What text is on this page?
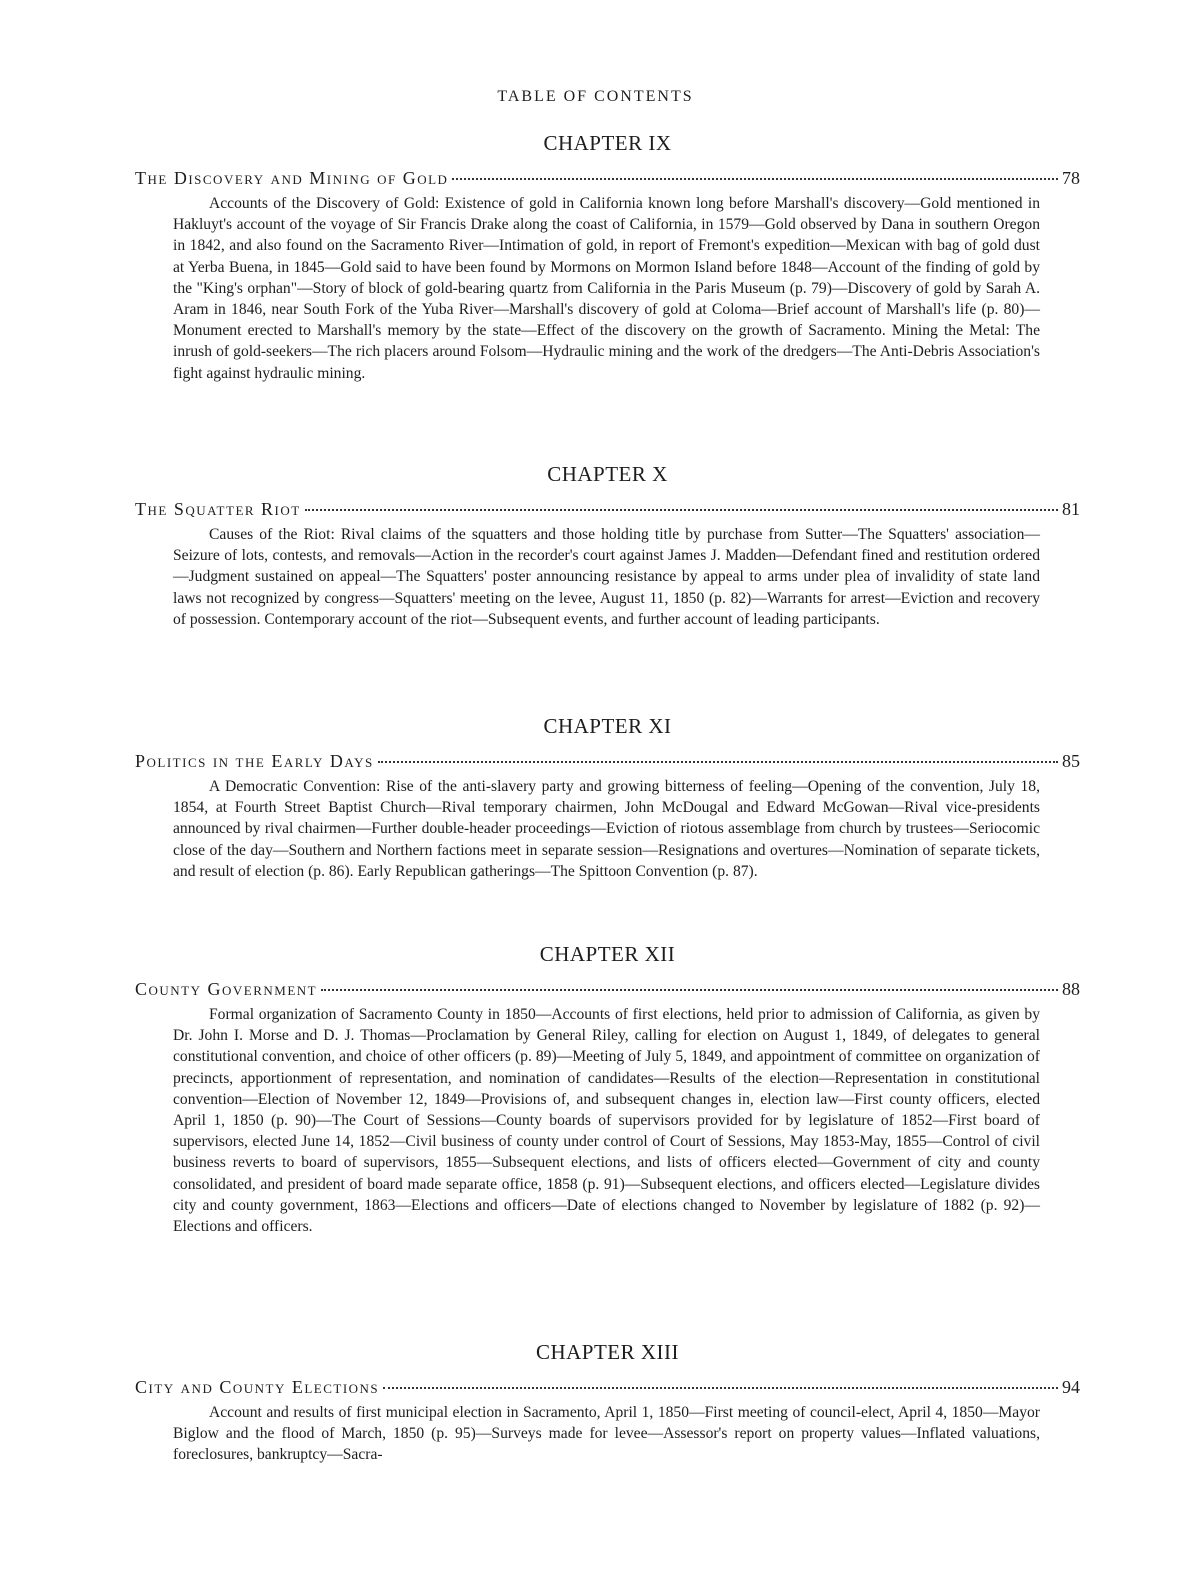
TABLE OF CONTENTS
CHAPTER IX
The Discovery and Mining of Gold	78

Accounts of the Discovery of Gold: Existence of gold in California known long before Marshall's discovery—Gold mentioned in Hakluyt's account of the voyage of Sir Francis Drake along the coast of California, in 1579—Gold observed by Dana in southern Oregon in 1842, and also found on the Sacramento River—Intimation of gold, in report of Fremont's expedition—Mexican with bag of gold dust at Yerba Buena, in 1845—Gold said to have been found by Mormons on Mormon Island before 1848—Account of the finding of gold by the "King's orphan"—Story of block of gold-bearing quartz from California in the Paris Museum (p. 79)—Discovery of gold by Sarah A. Aram in 1846, near South Fork of the Yuba River—Marshall's discovery of gold at Coloma—Brief account of Marshall's life (p. 80)—Monument erected to Marshall's memory by the state—Effect of the discovery on the growth of Sacramento. Mining the Metal: The inrush of gold-seekers—The rich placers around Folsom—Hydraulic mining and the work of the dredgers—The Anti-Debris Association's fight against hydraulic mining.

CHAPTER X
The Squatter Riot	81

Causes of the Riot: Rival claims of the squatters and those holding title by purchase from Sutter—The Squatters' association—Seizure of lots, contests, and removals—Action in the recorder's court against James J. Madden—Defendant fined and restitution ordered—Judgment sustained on appeal—The Squatters' poster announcing resistance by appeal to arms under plea of invalidity of state land laws not recognized by congress—Squatters' meeting on the levee, August 11, 1850 (p. 82)—Warrants for arrest—Eviction and recovery of possession. Contemporary account of the riot—Subsequent events, and further account of leading participants.

CHAPTER XI
Politics in the Early Days	85

A Democratic Convention: Rise of the anti-slavery party and growing bitterness of feeling—Opening of the convention, July 18, 1854, at Fourth Street Baptist Church—Rival temporary chairmen, John McDougal and Edward McGowan—Rival vice-presidents announced by rival chairmen—Further double-header proceedings—Eviction of riotous assemblage from church by trustees—Seriocomic close of the day—Southern and Northern factions meet in separate session—Resignations and overtures—Nomination of separate tickets, and result of election (p. 86). Early Republican gatherings—The Spittoon Convention (p. 87).

CHAPTER XII
County Government	88

Formal organization of Sacramento County in 1850—Accounts of first elections, held prior to admission of California, as given by Dr. John I. Morse and D. J. Thomas—Proclamation by General Riley, calling for election on August 1, 1849, of delegates to general constitutional convention, and choice of other officers (p. 89)—Meeting of July 5, 1849, and appointment of committee on organization of precincts, apportionment of representation, and nomination of candidates—Results of the election—Representation in constitutional convention—Election of November 12, 1849—Provisions of, and subsequent changes in, election law—First county officers, elected April 1, 1850 (p. 90)—The Court of Sessions—County boards of supervisors provided for by legislature of 1852—First board of supervisors, elected June 14, 1852—Civil business of county under control of Court of Sessions, May 1853-May, 1855—Control of civil business reverts to board of supervisors, 1855—Subsequent elections, and lists of officers elected—Government of city and county consolidated, and president of board made separate office, 1858 (p. 91)—Subsequent elections, and officers elected—Legislature divides city and county government, 1863—Elections and officers—Date of elections changed to November by legislature of 1882 (p. 92)—Elections and officers.

CHAPTER XIII
City and County Elections	94

Account and results of first municipal election in Sacramento, April 1, 1850—First meeting of council-elect, April 4, 1850—Mayor Biglow and the flood of March, 1850 (p. 95)—Surveys made for levee—Assessor's report on property values—Inflated valuations, foreclosures, bankruptcy—Sacra-
